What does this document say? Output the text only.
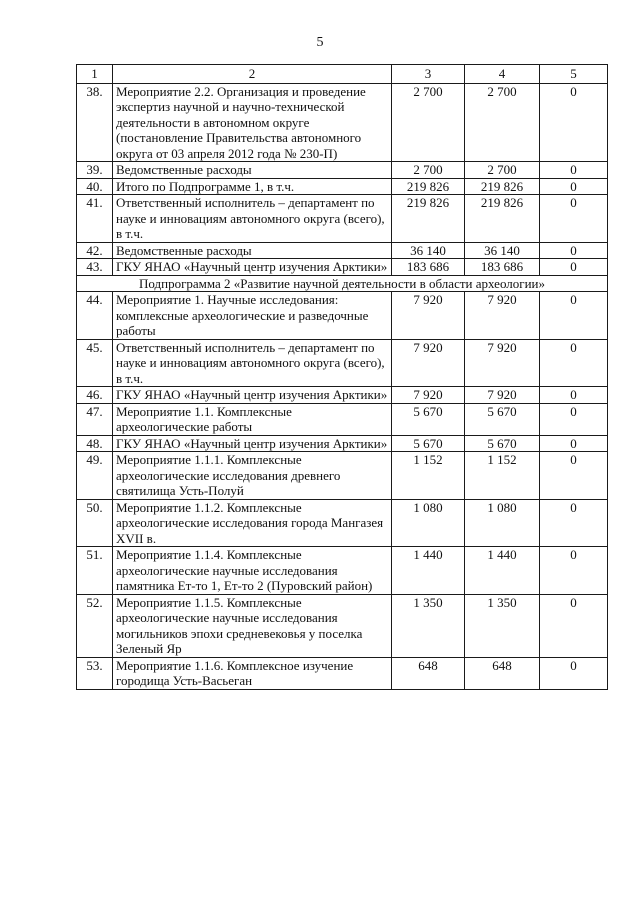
5
1	2	3	4	5
38.	Мероприятие 2.2. Организация и проведение экспертиз научной и научно-технической деятельности в автономном округе (постановление Правительства автономного округа от 03 апреля 2012 года № 230-П)	2 700	2 700	0
39.	Ведомственные расходы	2 700	2 700	0
40.	Итого по Подпрограмме 1, в т.ч.	219 826	219 826	0
41.	Ответственный исполнитель – департамент по науке и инновациям автономного округа (всего), в т.ч.	219 826	219 826	0
42.	Ведомственные расходы	36 140	36 140	0
43.	ГКУ ЯНАО «Научный центр изучения Арктики»	183 686	183 686	0
Подпрограмма 2 «Развитие научной деятельности в области археологии»				
44.	Мероприятие 1. Научные исследования: комплексные археологические и разведочные работы	7 920	7 920	0
45.	Ответственный исполнитель – департамент по науке и инновациям автономного округа (всего), в т.ч.	7 920	7 920	0
46.	ГКУ ЯНАО «Научный центр изучения Арктики»	7 920	7 920	0
47.	Мероприятие 1.1. Комплексные археологические работы	5 670	5 670	0
48.	ГКУ ЯНАО «Научный центр изучения Арктики»	5 670	5 670	0
49.	Мероприятие 1.1.1. Комплексные археологические исследования древнего святилища Усть-Полуй	1 152	1 152	0
50.	Мероприятие 1.1.2. Комплексные археологические исследования города Мангазея XVII в.	1 080	1 080	0
51.	Мероприятие 1.1.4. Комплексные археологические научные исследования памятника Ет-то 1, Ет-то 2 (Пуровский район)	1 440	1 440	0
52.	Мероприятие 1.1.5. Комплексные археологические научные исследования могильников эпохи средневековья у поселка Зеленый Яр	1 350	1 350	0
53.	Мероприятие 1.1.6. Комплексное изучение городища Усть-Васьеган	648	648	0
